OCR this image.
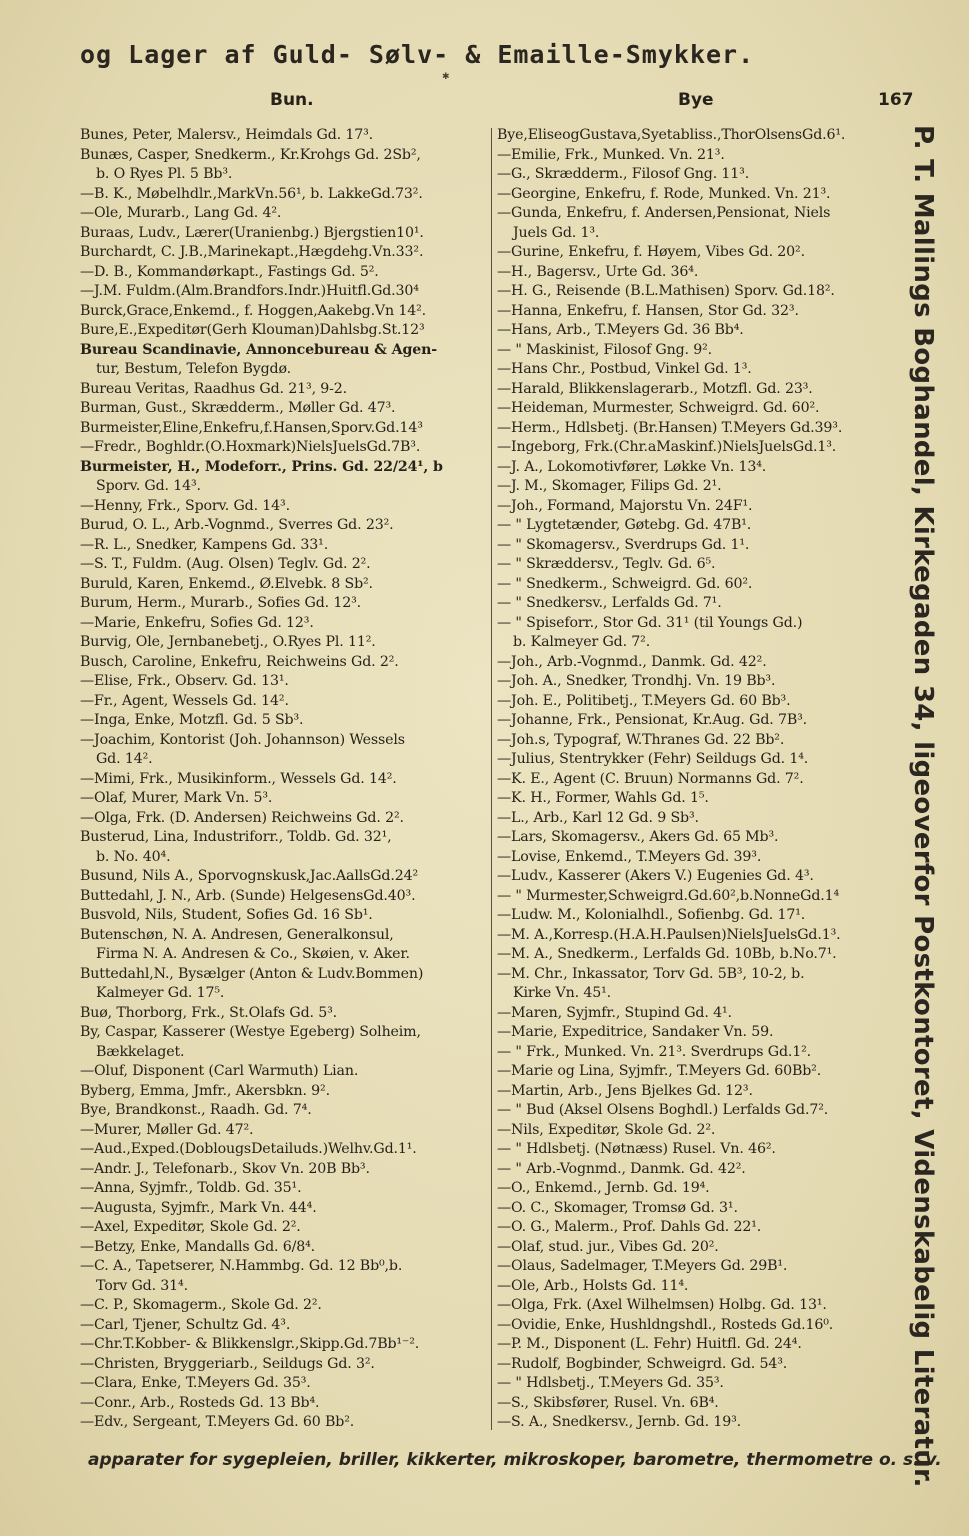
og Lager af Guld- Sølv- & Emaille-Smykker.
✱
Bun.	Bye	167
Bunes, Peter, Malersv., Heimdals Gd. 17³.
Bunæs, Casper, Snedkerm., Kr.Krohgs Gd. 2Sb²,
b. O Ryes Pl. 5 Bb³.
—B. K., Møbelhdlr.,MarkVn.56¹, b. LakkeGd.73².
—Ole, Murarb., Lang Gd. 4².
Buraas, Ludv., Lærer(Uranienbg.) Bjergstien10¹.
Burchardt, C. J.B.,Marinekapt.,Hægdehg.Vn.33².
—D. B., Kommandørkapt., Fastings Gd. 5².
—J.M. Fuldm.(Alm.Brandfors.Indr.)Huitfl.Gd.30⁴
Burck,Grace,Enkemd., f. Hoggen,Aakebg.Vn 14².
Bure,E.,Expeditør(Gerh Klouman)Dahlsbg.St.12³
Bureau Scandinavie, Annoncebureau & Agen-
tur, Bestum, Telefon Bygdø.
Bureau Veritas, Raadhus Gd. 21³, 9-2.
Burman, Gust., Skrædderm., Møller Gd. 47³.
Burmeister,Eline,Enkefru,f.Hansen,Sporv.Gd.14³
—Fredr., Boghldr.(O.Hoxmark)NielsJuelsGd.7B³.
Burmeister, H., Modeforr., Prins. Gd. 22/24¹, b
Sporv. Gd. 14³.
—Henny, Frk., Sporv. Gd. 14³.
Burud, O. L., Arb.-Vognmd., Sverres Gd. 23².
—R. L., Snedker, Kampens Gd. 33¹.
—S. T., Fuldm. (Aug. Olsen) Teglv. Gd. 2².
Buruld, Karen, Enkemd., Ø.Elvebk. 8 Sb².
Burum, Herm., Murarb., Sofies Gd. 12³.
—Marie, Enkefru, Sofies Gd. 12³.
Burvig, Ole, Jernbanebetj., O.Ryes Pl. 11².
Busch, Caroline, Enkefru, Reichweins Gd. 2².
—Elise, Frk., Observ. Gd. 13¹.
—Fr., Agent, Wessels Gd. 14².
—Inga, Enke, Motzfl. Gd. 5 Sb³.
—Joachim, Kontorist (Joh. Johannson) Wessels
Gd. 14².
—Mimi, Frk., Musikinform., Wessels Gd. 14².
—Olaf, Murer, Mark Vn. 5³.
—Olga, Frk. (D. Andersen) Reichweins Gd. 2².
Busterud, Lina, Industriforr., Toldb. Gd. 32¹,
b. No. 40⁴.
Busund, Nils A., Sporvognskusk,Jac.AallsGd.24²
Buttedahl, J. N., Arb. (Sunde) HelgesensGd.40³.
Busvold, Nils, Student, Sofies Gd. 16 Sb¹.
Butenschøn, N. A. Andresen, Generalkonsul,
Firma N. A. Andresen & Co., Skøien, v. Aker.
Buttedahl,N., Bysælger (Anton & Ludv.Bommen)
Kalmeyer Gd. 17⁵.
Buø, Thorborg, Frk., St.Olafs Gd. 5³.
By, Caspar, Kasserer (Westye Egeberg) Solheim,
Bækkelaget.
—Oluf, Disponent (Carl Warmuth) Lian.
Byberg, Emma, Jmfr., Akersbkn. 9².
Bye, Brandkonst., Raadh. Gd. 7⁴.
—Murer, Møller Gd. 47².
—Aud.,Exped.(DoblougsDetailuds.)Welhv.Gd.1¹.
—Andr. J., Telefonarb., Skov Vn. 20B Bb³.
—Anna, Syjmfr., Toldb. Gd. 35¹.
—Augusta, Syjmfr., Mark Vn. 44⁴.
—Axel, Expeditør, Skole Gd. 2².
—Betzy, Enke, Mandalls Gd. 6/8⁴.
—C. A., Tapetserer, N.Hammbg. Gd. 12 Bb⁰,b.
Torv Gd. 31⁴.
—C. P., Skomagerm., Skole Gd. 2².
—Carl, Tjener, Schultz Gd. 4³.
—Chr.T.Kobber- & Blikkenslgr.,Skipp.Gd.7Bb¹⁻².
—Christen, Bryggeriarb., Seildugs Gd. 3².
—Clara, Enke, T.Meyers Gd. 35³.
—Conr., Arb., Rosteds Gd. 13 Bb⁴.
—Edv., Sergeant, T.Meyers Gd. 60 Bb².
Bye,EliseogGustava,Syetabliss.,ThorOlsensGd.6¹.
—Emilie, Frk., Munked. Vn. 21³.
—G., Skrædderm., Filosof Gng. 11³.
—Georgine, Enkefru, f. Rode, Munked. Vn. 21³.
—Gunda, Enkefru, f. Andersen,Pensionat, Niels
Juels Gd. 1³.
—Gurine, Enkefru, f. Høyem, Vibes Gd. 20².
—H., Bagersv., Urte Gd. 36⁴.
—H. G., Reisende (B.L.Mathisen) Sporv. Gd.18².
—Hanna, Enkefru, f. Hansen, Stor Gd. 32³.
—Hans, Arb., T.Meyers Gd. 36 Bb⁴.
— " Maskinist, Filosof Gng. 9².
—Hans Chr., Postbud, Vinkel Gd. 1³.
—Harald, Blikkenslagerarb., Motzfl. Gd. 23³.
—Heideman, Murmester, Schweigrd. Gd. 60².
—Herm., Hdlsbetj. (Br.Hansen) T.Meyers Gd.39³.
—Ingeborg, Frk.(Chr.aMaskinf.)NielsJuelsGd.1³.
—J. A., Lokomotivfører, Løkke Vn. 13⁴.
—J. M., Skomager, Filips Gd. 2¹.
—Joh., Formand, Majorstu Vn. 24F¹.
— " Lygtetænder, Gøtebg. Gd. 47B¹.
— " Skomagersv., Sverdrups Gd. 1¹.
— " Skræddersv., Teglv. Gd. 6⁵.
— " Snedkerm., Schweigrd. Gd. 60².
— " Snedkersv., Lerfalds Gd. 7¹.
— " Spiseforr., Stor Gd. 31¹ (til Youngs Gd.)
b. Kalmeyer Gd. 7².
—Joh., Arb.-Vognmd., Danmk. Gd. 42².
—Joh. A., Snedker, Trondhj. Vn. 19 Bb³.
—Joh. E., Politibetj., T.Meyers Gd. 60 Bb³.
—Johanne, Frk., Pensionat, Kr.Aug. Gd. 7B³.
—Joh.s, Typograf, W.Thranes Gd. 22 Bb².
—Julius, Stentrykker (Fehr) Seildugs Gd. 1⁴.
—K. E., Agent (C. Bruun) Normanns Gd. 7².
—K. H., Former, Wahls Gd. 1⁵.
—L., Arb., Karl 12 Gd. 9 Sb³.
—Lars, Skomagersv., Akers Gd. 65 Mb³.
—Lovise, Enkemd., T.Meyers Gd. 39³.
—Ludv., Kasserer (Akers V.) Eugenies Gd. 4³.
— " Murmester,Schweigrd.Gd.60²,b.NonneGd.1⁴
—Ludw. M., Kolonialhdl., Sofienbg. Gd. 17¹.
—M. A.,Korresp.(H.A.H.Paulsen)NielsJuelsGd.1³.
—M. A., Snedkerm., Lerfalds Gd. 10Bb, b.No.7¹.
—M. Chr., Inkassator, Torv Gd. 5B³, 10-2, b.
Kirke Vn. 45¹.
—Maren, Syjmfr., Stupind Gd. 4¹.
—Marie, Expeditrice, Sandaker Vn. 59.
— " Frk., Munked. Vn. 21³. Sverdrups Gd.1².
—Marie og Lina, Syjmfr., T.Meyers Gd. 60Bb².
—Martin, Arb., Jens Bjelkes Gd. 12³.
— " Bud (Aksel Olsens Boghdl.) Lerfalds Gd.7².
—Nils, Expeditør, Skole Gd. 2².
— " Hdlsbetj. (Nøtnæss) Rusel. Vn. 46².
— " Arb.-Vognmd., Danmk. Gd. 42².
—O., Enkemd., Jernb. Gd. 19⁴.
—O. C., Skomager, Tromsø Gd. 3¹.
—O. G., Malerm., Prof. Dahls Gd. 22¹.
—Olaf, stud. jur., Vibes Gd. 20².
—Olaus, Sadelmager, T.Meyers Gd. 29B¹.
—Ole, Arb., Holsts Gd. 11⁴.
—Olga, Frk. (Axel Wilhelmsen) Holbg. Gd. 13¹.
—Ovidie, Enke, Hushldngshdl., Rosteds Gd.16⁰.
—P. M., Disponent (L. Fehr) Huitfl. Gd. 24⁴.
—Rudolf, Bogbinder, Schweigrd. Gd. 54³.
— " Hdlsbetj., T.Meyers Gd. 35³.
—S., Skibsfører, Rusel. Vn. 6B⁴.
—S. A., Snedkersv., Jernb. Gd. 19³.	P. T. Mallings Boghandel, Kirkegaden 34, ligeoverfor Postkontoret, Videnskabelig Literatur.
apparater for sygepleien, briller, kikkerter, mikroskoper, barometre, thermometre o. s. v.
